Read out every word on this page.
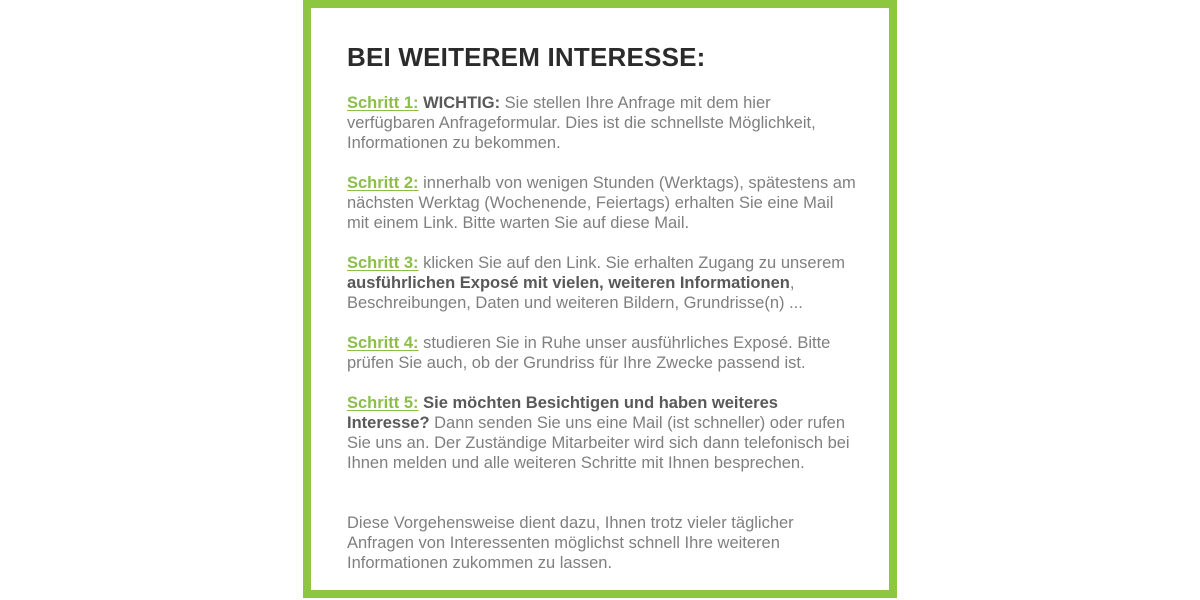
BEI WEITEREM INTERESSE:

Schritt 1: WICHTIG: Sie stellen Ihre Anfrage mit dem hier verfügbaren Anfrageformular. Dies ist die schnellste Möglichkeit, Informationen zu bekommen.

Schritt 2: innerhalb von wenigen Stunden (Werktags), spätestens am nächsten Werktag (Wochenende, Feiertags) erhalten Sie eine Mail mit einem Link. Bitte warten Sie auf diese Mail.

Schritt 3: klicken Sie auf den Link. Sie erhalten Zugang zu unserem ausführlichen Exposé mit vielen, weiteren Informationen, Beschreibungen, Daten und weiteren Bildern, Grundrisse(n) ...

Schritt 4: studieren Sie in Ruhe unser ausführliches Exposé. Bitte prüfen Sie auch, ob der Grundriss für Ihre Zwecke passend ist.

Schritt 5: Sie möchten Besichtigen und haben weiteres Interesse? Dann senden Sie uns eine Mail (ist schneller) oder rufen Sie uns an. Der Zuständige Mitarbeiter wird sich dann telefonisch bei Ihnen melden und alle weiteren Schritte mit Ihnen besprechen.

Diese Vorgehensweise dient dazu, Ihnen trotz vieler täglicher Anfragen von Interessenten möglichst schnell Ihre weiteren Informationen zukommen zu lassen.
